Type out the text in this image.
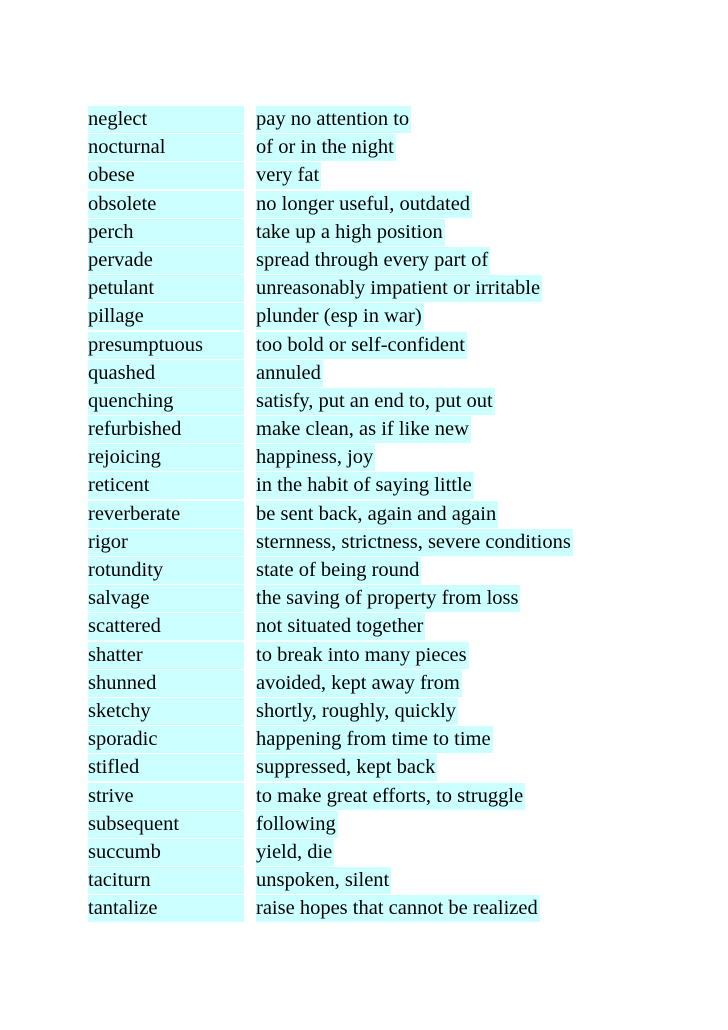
neglect	pay no attention to
nocturnal	of or in the night
obese	very fat
obsolete	no longer useful, outdated
perch	take up a high position
pervade	spread through every part of
petulant	unreasonably impatient or irritable
pillage	plunder (esp in war)
presumptuous	too bold or self-confident
quashed	annuled
quenching	satisfy, put an end to, put out
refurbished	make clean, as if like new
rejoicing	happiness, joy
reticent	in the habit of saying little
reverberate	be sent back, again and again
rigor	sternness, strictness, severe conditions
rotundity	state of being round
salvage	the saving of property from loss
scattered	not situated together
shatter	to break into many pieces
shunned	avoided, kept away from
sketchy	shortly, roughly, quickly
sporadic	happening from time to time
stifled	suppressed, kept back
strive	to make great efforts, to struggle
subsequent	following
succumb	yield, die
taciturn	unspoken, silent
tantalize	raise hopes that cannot be realized
